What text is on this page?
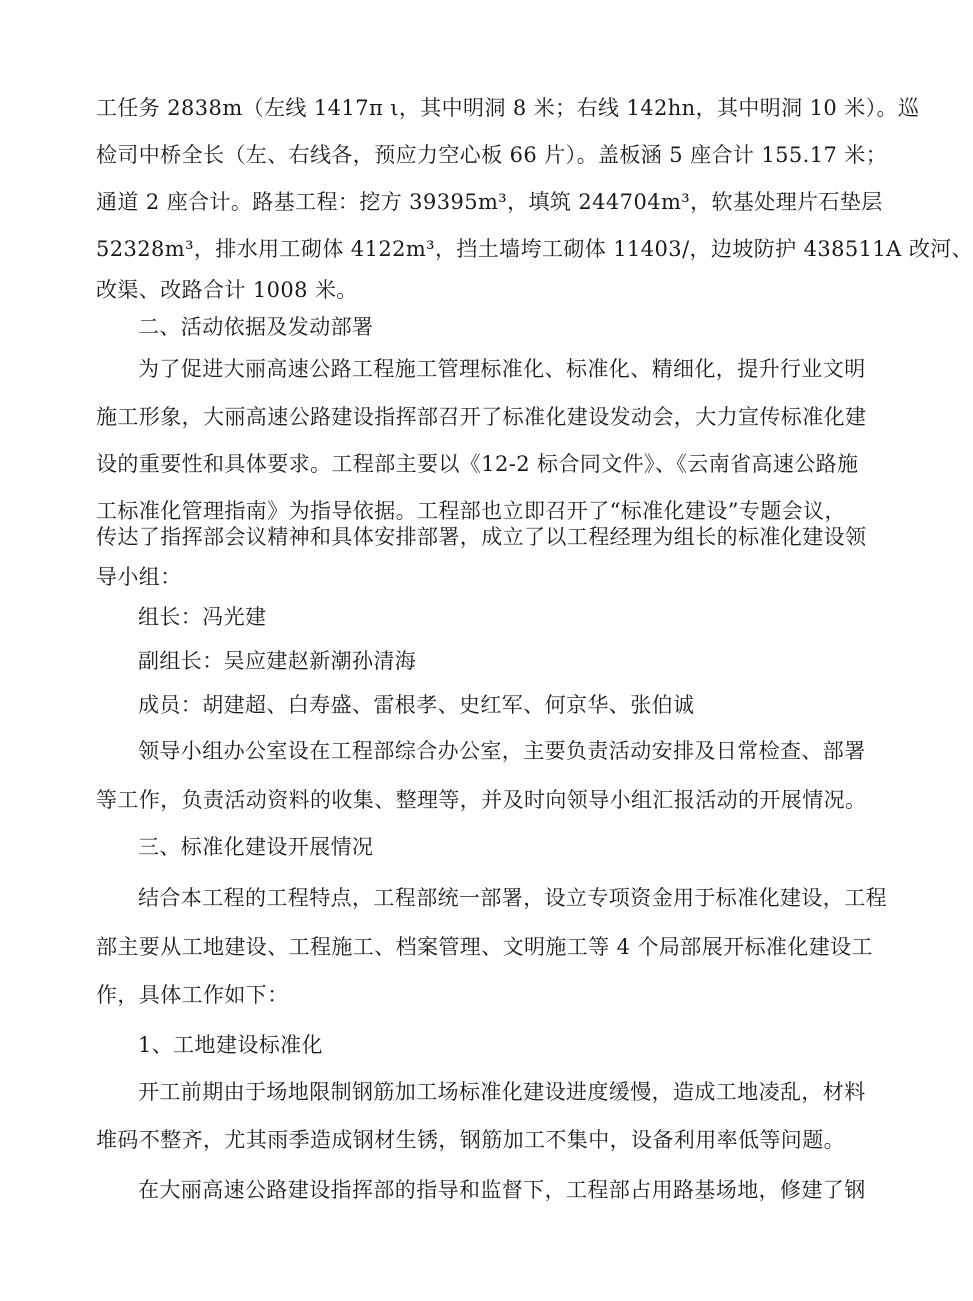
工任务 2838m（左线 1417π ι，其中明洞 8 米；右线 142hn，其中明洞 10 米）。巡
检司中桥全长（左、右线各，预应力空心板 66 片）。盖板涵 5 座合计 155.17 米；
通道 2 座合计。路基工程：挖方 39395m³，填筑 244704m³，软基处理片石垫层
52328m³，排水用工砌体 4122m³，挡土墙垮工砌体 11403/，边坡防护 438511A 改河、
改渠、改路合计 1008 米。
二、活动依据及发动部署
为了促进大丽高速公路工程施工管理标准化、标准化、精细化，提升行业文明
施工形象，大丽高速公路建设指挥部召开了标准化建设发动会，大力宣传标准化建
设的重要性和具体要求。工程部主要以《12-2 标合同文件》、《云南省高速公路施
工标准化管理指南》为指导依据。工程部也立即召开了“标准化建设”专题会议，
传达了指挥部会议精神和具体安排部署，成立了以工程经理为组长的标准化建设领
导小组：
组长：冯光建
副组长：吴应建赵新潮孙清海
成员：胡建超、白寿盛、雷根孝、史红军、何京华、张伯诚
领导小组办公室设在工程部综合办公室，主要负责活动安排及日常检查、部署
等工作，负责活动资料的收集、整理等，并及时向领导小组汇报活动的开展情况。
三、标准化建设开展情况
结合本工程的工程特点，工程部统一部署，设立专项资金用于标准化建设，工程
部主要从工地建设、工程施工、档案管理、文明施工等 4 个局部展开标准化建设工
作，具体工作如下：
1、工地建设标准化
开工前期由于场地限制钢筋加工场标准化建设进度缓慢，造成工地凌乱，材料
堆码不整齐，尤其雨季造成钢材生锈，钢筋加工不集中，设备利用率低等问题。
在大丽高速公路建设指挥部的指导和监督下，工程部占用路基场地，修建了钢
